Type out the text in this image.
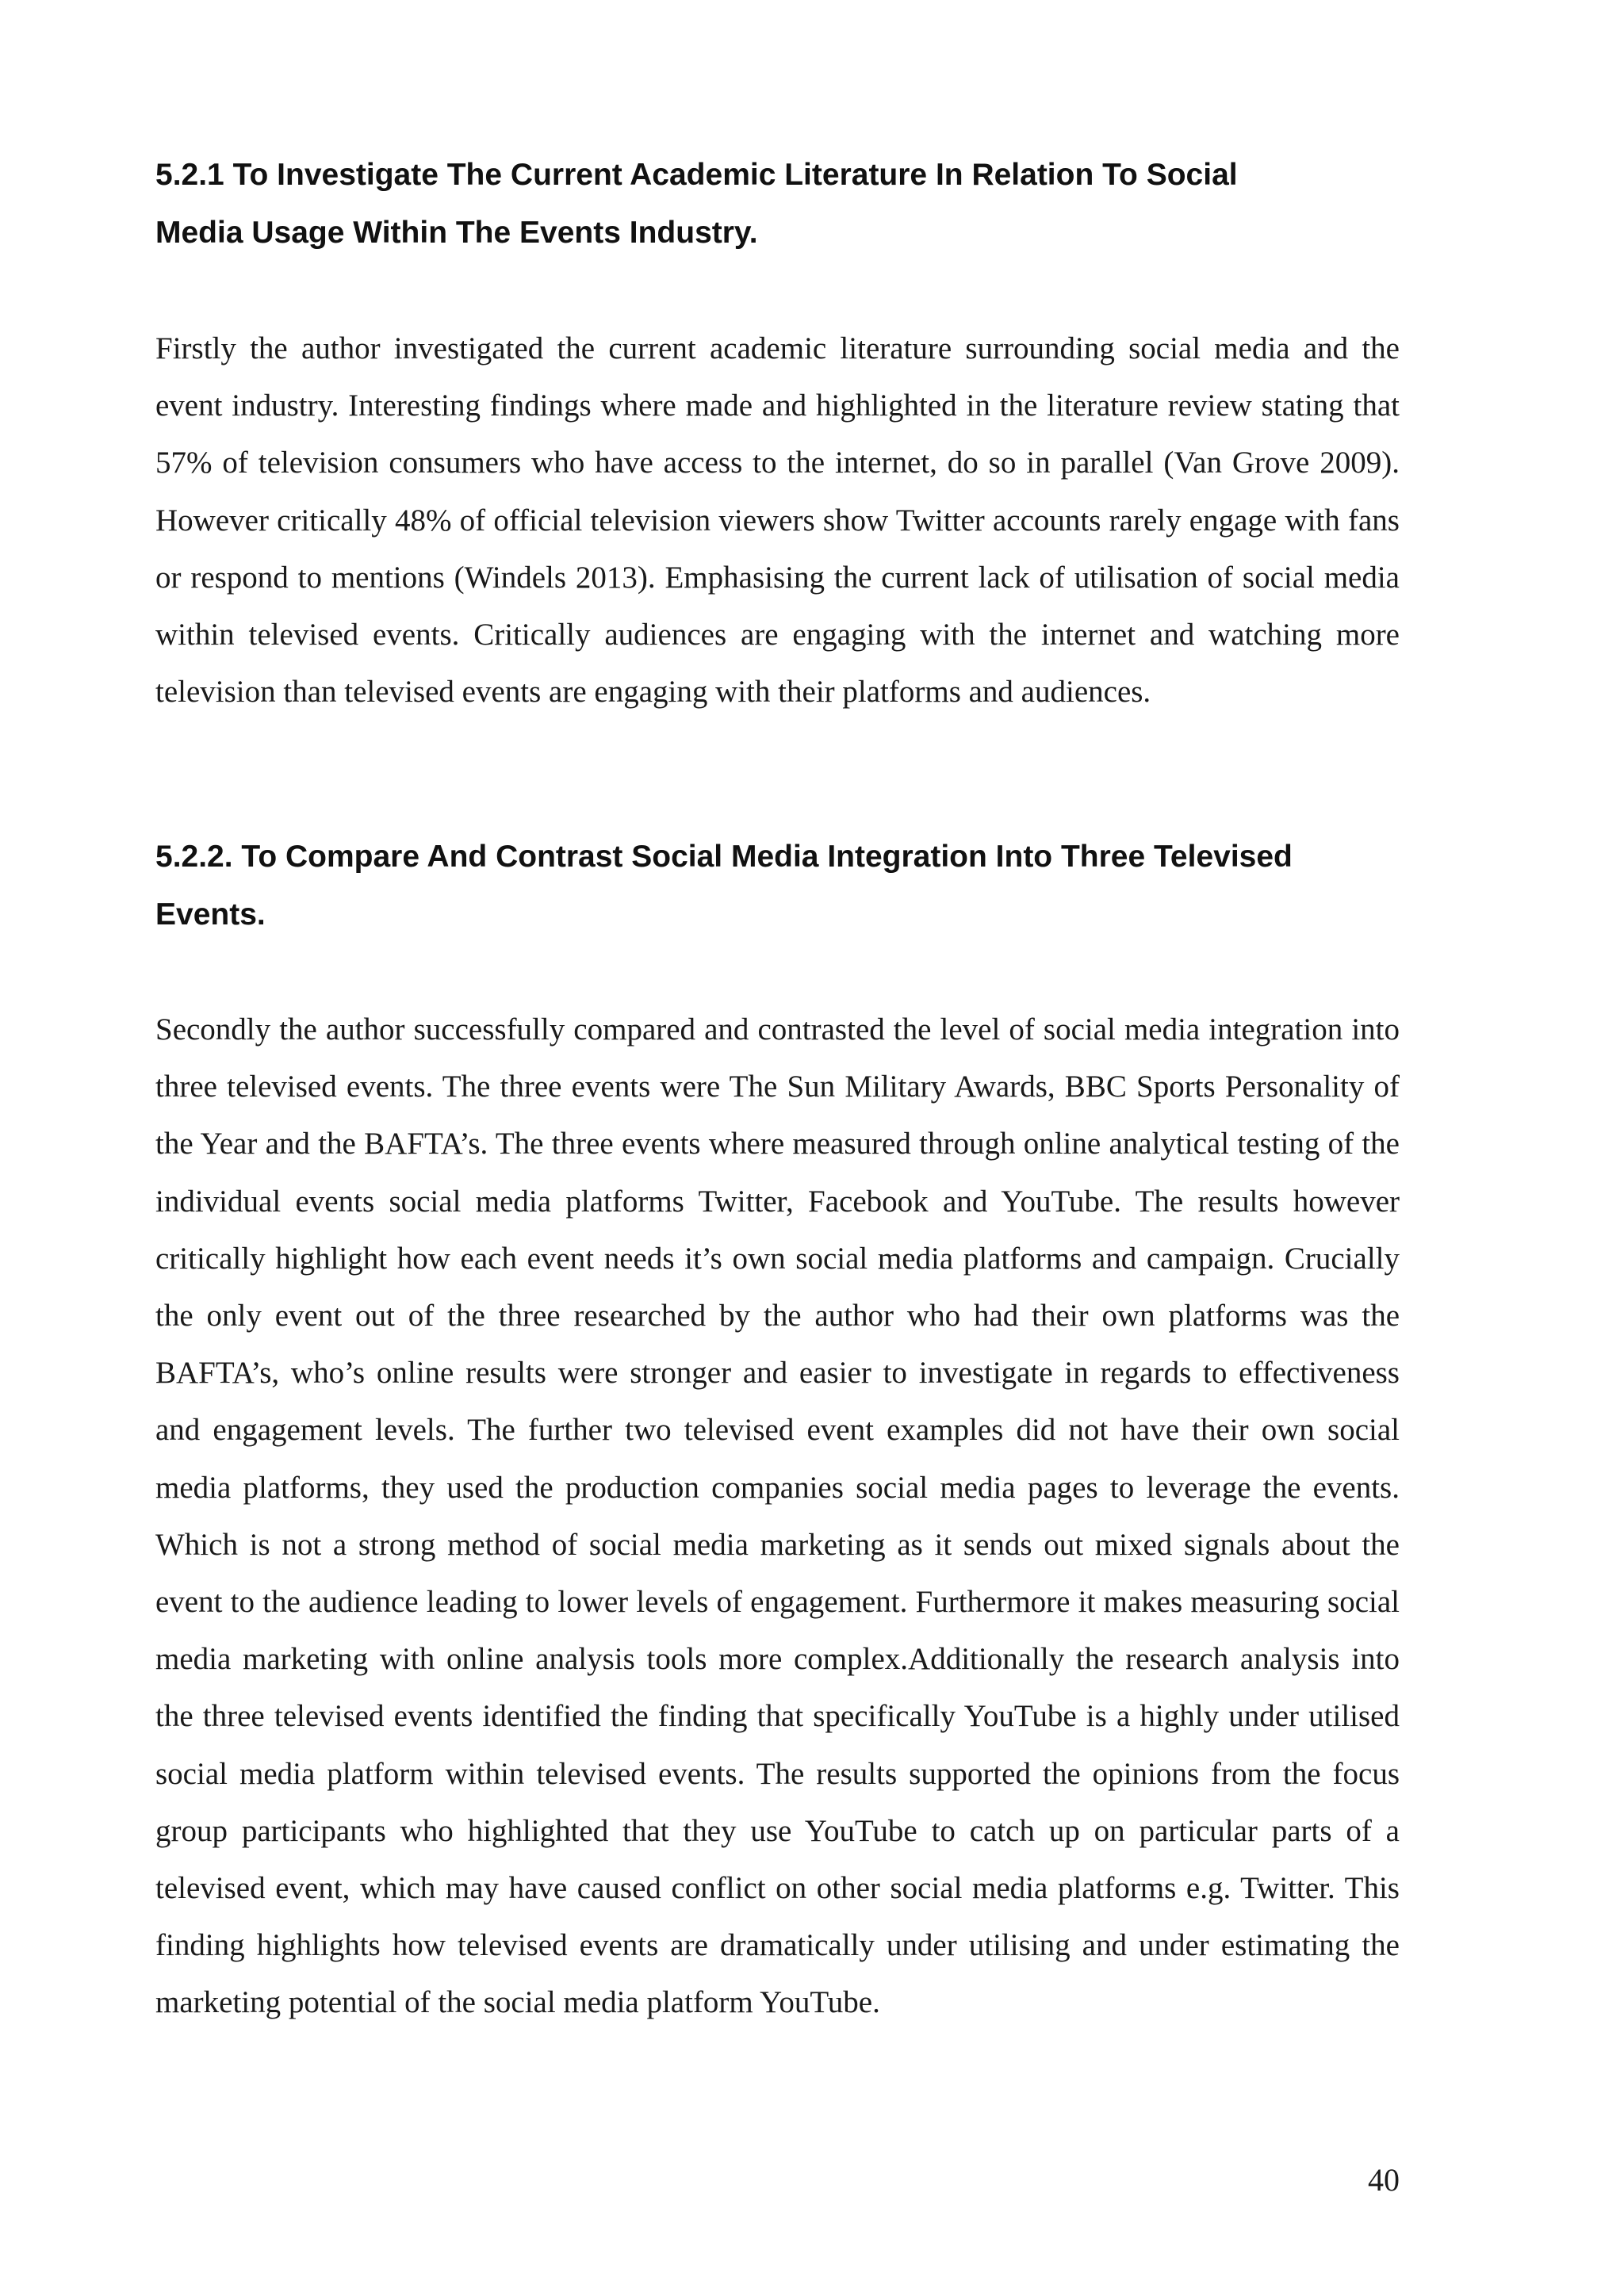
5.2.1 To Investigate The Current Academic Literature In Relation To Social
Media Usage Within The Events Industry.

Firstly the author investigated the current academic literature surrounding social media and the event industry. Interesting findings where made and highlighted in the literature review stating that 57% of television consumers who have access to the internet, do so in parallel (Van Grove 2009). However critically 48% of official television viewers show Twitter accounts rarely engage with fans or respond to mentions (Windels 2013). Emphasising the current lack of utilisation of social media within televised events. Critically audiences are engaging with the internet and watching more television than televised events are engaging with their platforms and audiences.

5.2.2. To Compare And Contrast Social Media Integration Into Three Televised
Events.

Secondly the author successfully compared and contrasted the level of social media integration into three televised events. The three events were The Sun Military Awards, BBC Sports Personality of the Year and the BAFTA’s. The three events where measured through online analytical testing of the individual events social media platforms Twitter, Facebook and YouTube. The results however critically highlight how each event needs it’s own social media platforms and campaign. Crucially the only event out of the three researched by the author who had their own platforms was the BAFTA’s, who’s online results were stronger and easier to investigate in regards to effectiveness and engagement levels. The further two televised event examples did not have their own social media platforms, they used the production companies social media pages to leverage the events. Which is not a strong method of social media marketing as it sends out mixed signals about the event to the audience leading to lower levels of engagement. Furthermore it makes measuring social media marketing with online analysis tools more complex.Additionally the research analysis into the three televised events identified the finding that specifically YouTube is a highly under utilised social media platform within televised events. The results supported the opinions from the focus group participants who highlighted that they use YouTube to catch up on particular parts of a televised event, which may have caused conflict on other social media platforms e.g. Twitter. This finding highlights how televised events are dramatically under utilising and under estimating the marketing potential of the social media platform YouTube.

40
